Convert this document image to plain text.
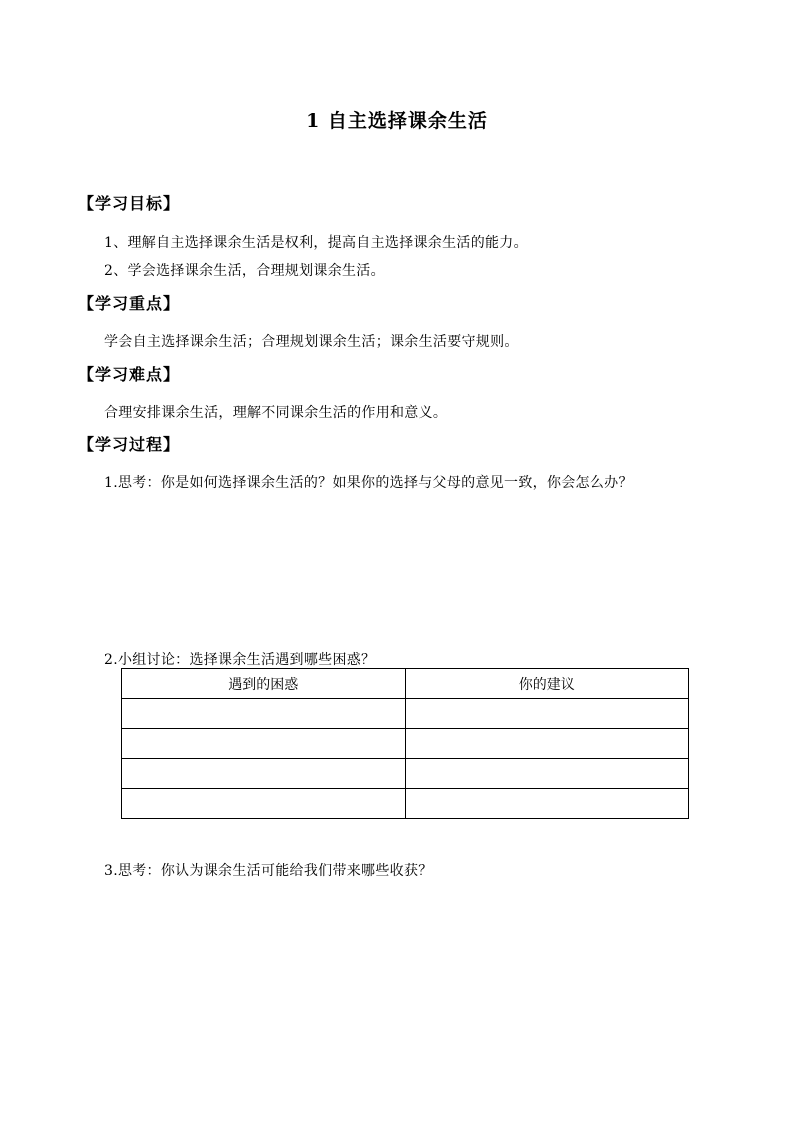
1 自主选择课余生活
【学习目标】
1、理解自主选择课余生活是权利，提高自主选择课余生活的能力。
2、学会选择课余生活，合理规划课余生活。
【学习重点】
学会自主选择课余生活；合理规划课余生活；课余生活要守规则。
【学习难点】
合理安排课余生活，理解不同课余生活的作用和意义。
【学习过程】
1.思考：你是如何选择课余生活的？如果你的选择与父母的意见一致，你会怎么办？
2.小组讨论：选择课余生活遇到哪些困惑？
遇到的困惑	你的建议

3.思考：你认为课余生活可能给我们带来哪些收获？
